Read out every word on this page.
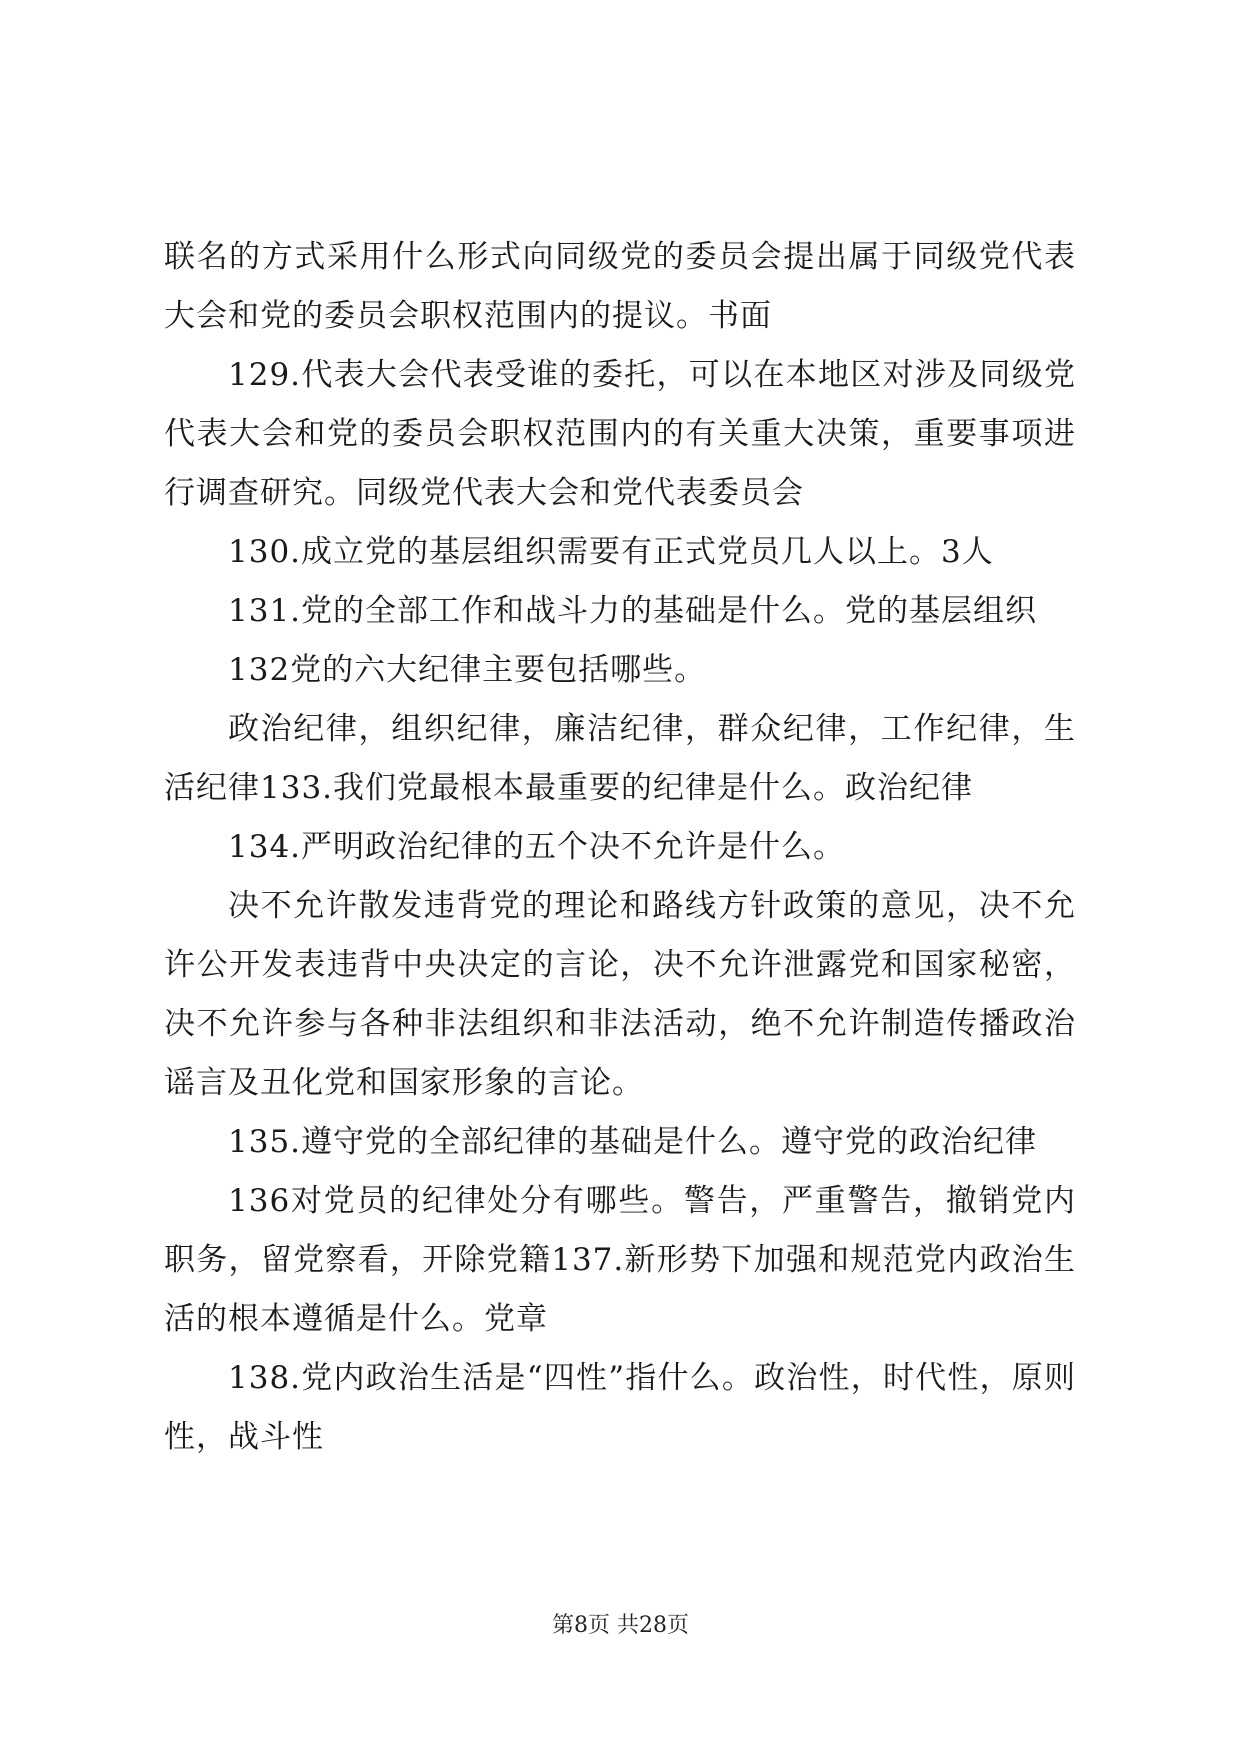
联名的方式采用什么形式向同级党的委员会提出属于同级党代表大会和党的委员会职权范围内的提议。书面

129.代表大会代表受谁的委托，可以在本地区对涉及同级党代表大会和党的委员会职权范围内的有关重大决策，重要事项进行调查研究。同级党代表大会和党代表委员会

130.成立党的基层组织需要有正式党员几人以上。3人

131.党的全部工作和战斗力的基础是什么。党的基层组织

132党的六大纪律主要包括哪些。

政治纪律，组织纪律，廉洁纪律，群众纪律，工作纪律，生活纪律133.我们党最根本最重要的纪律是什么。政治纪律

134.严明政治纪律的五个决不允许是什么。

决不允许散发违背党的理论和路线方针政策的意见，决不允许公开发表违背中央决定的言论，决不允许泄露党和国家秘密，决不允许参与各种非法组织和非法活动，绝不允许制造传播政治谣言及丑化党和国家形象的言论。

135.遵守党的全部纪律的基础是什么。遵守党的政治纪律

136对党员的纪律处分有哪些。警告，严重警告，撤销党内职务，留党察看，开除党籍137.新形势下加强和规范党内政治生活的根本遵循是什么。党章

138.党内政治生活是“四性”指什么。政治性，时代性，原则性，战斗性

第8页 共28页
